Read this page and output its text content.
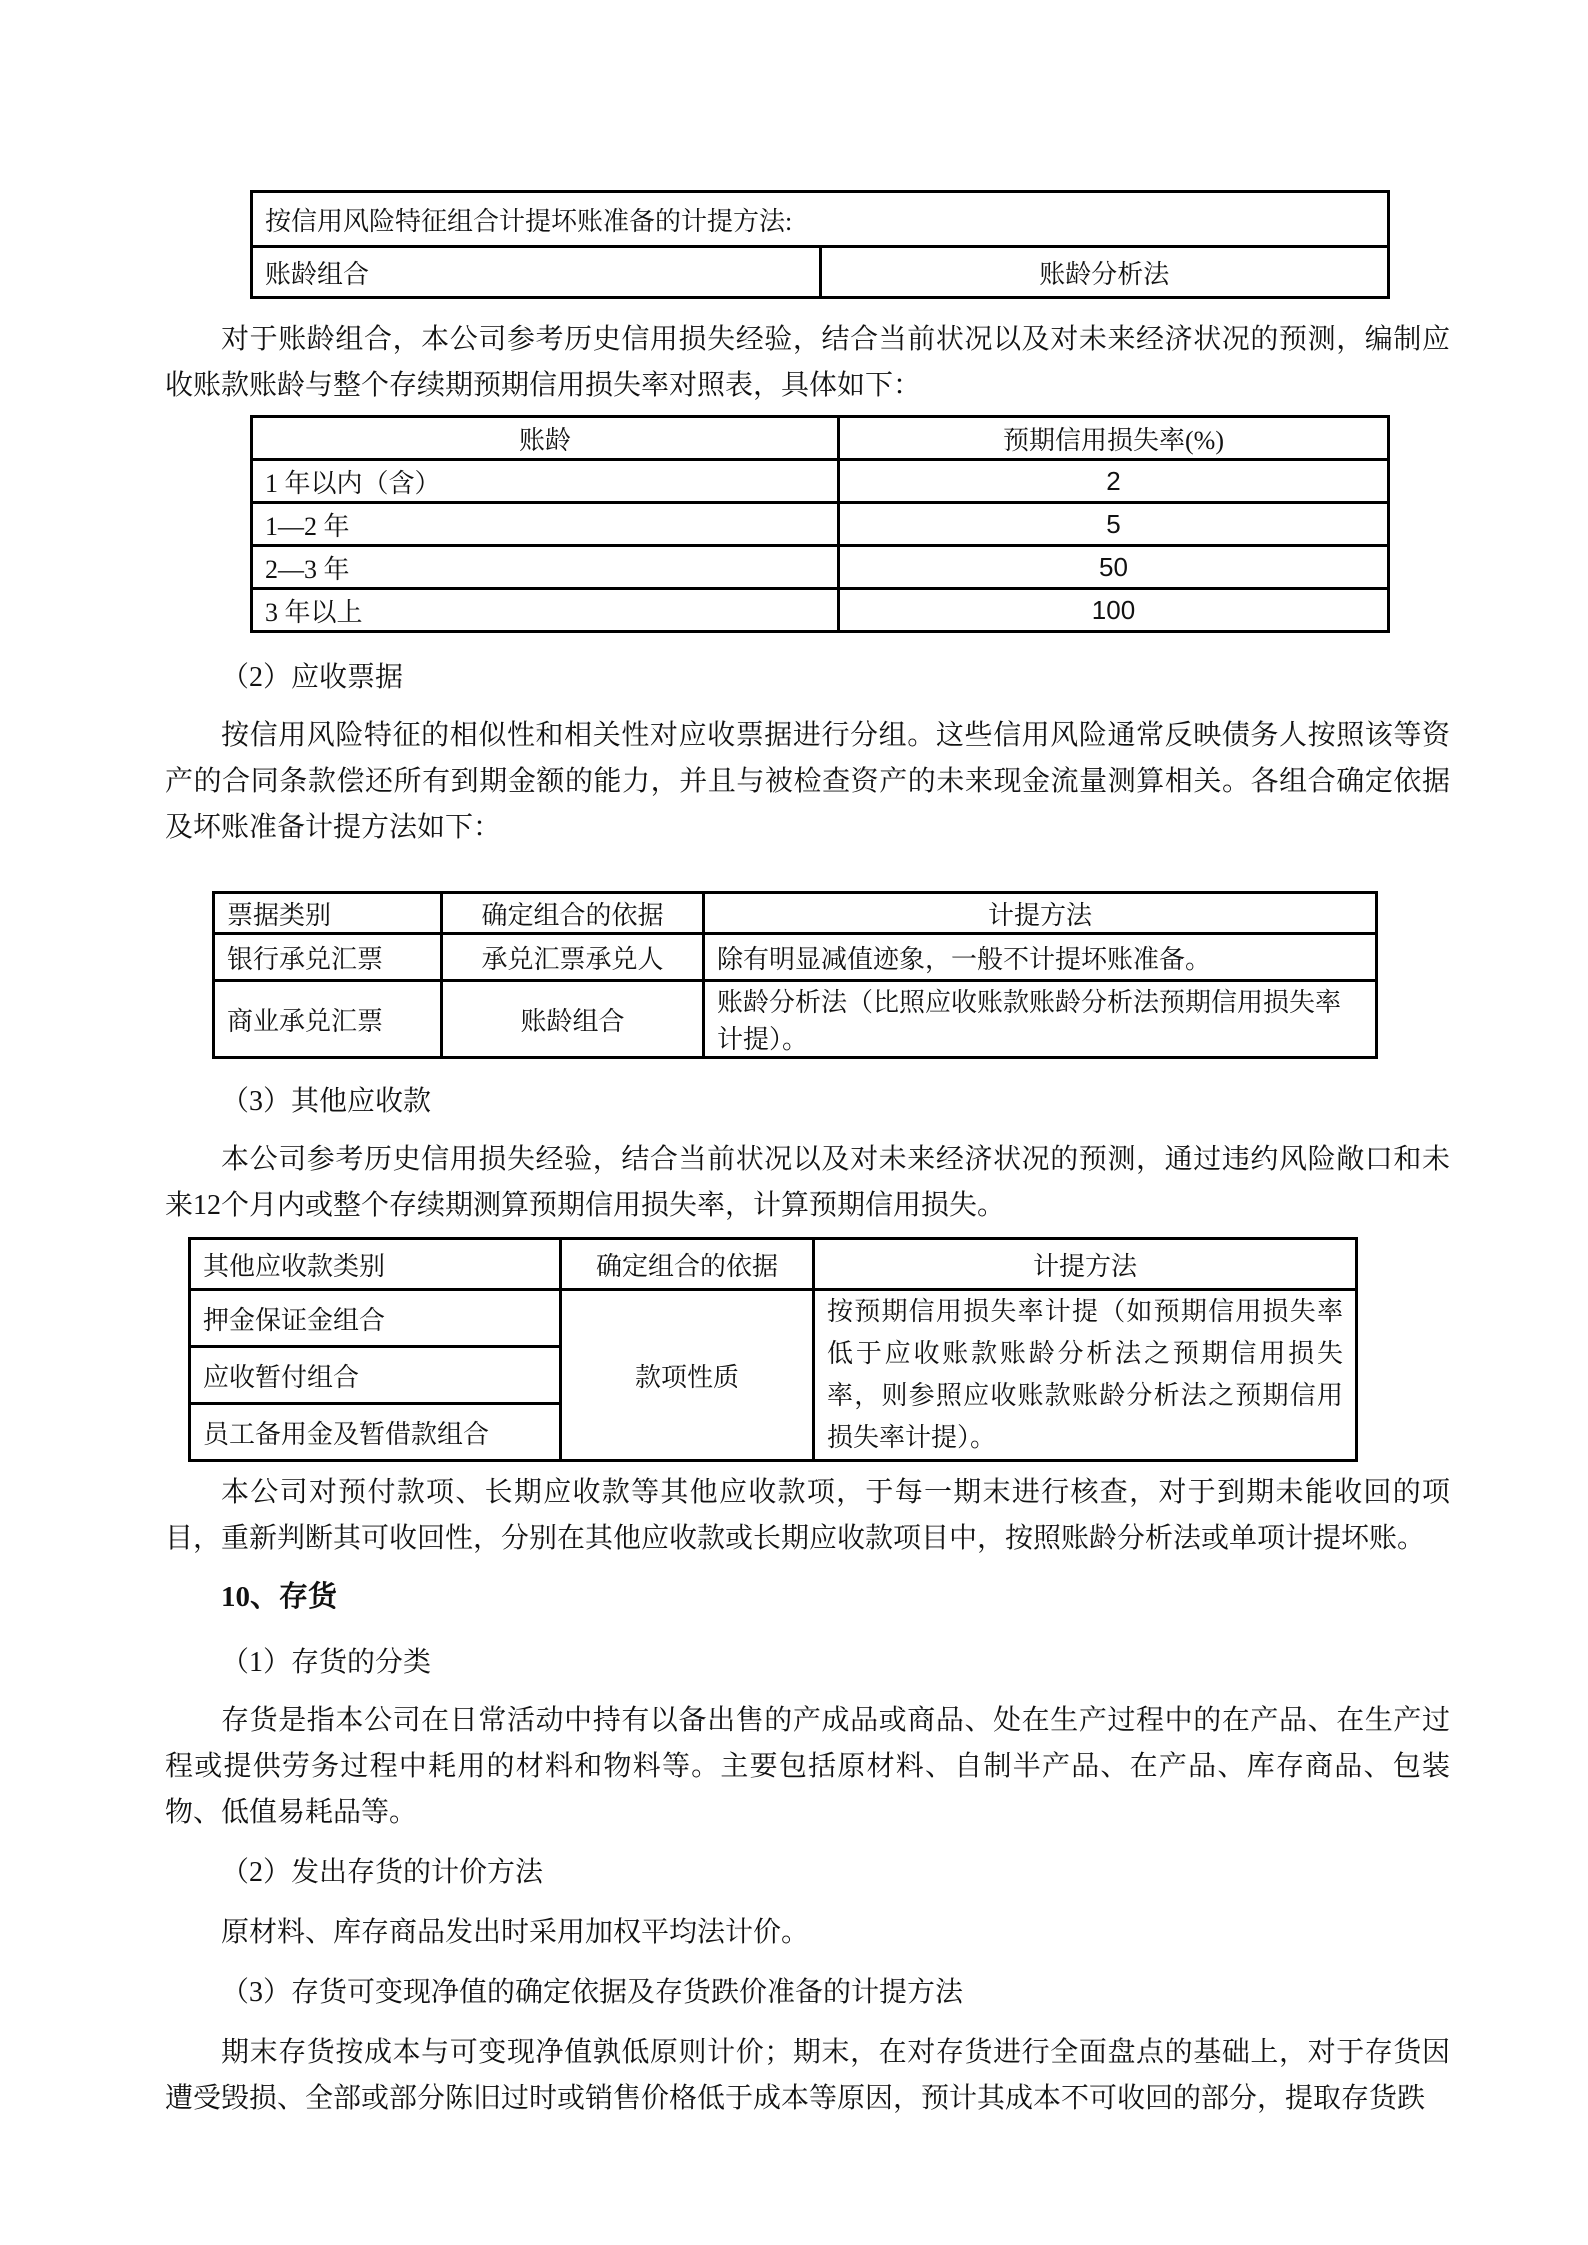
按信用风险特征组合计提坏账准备的计提方法:
账龄组合	账龄分析法

对于账龄组合，本公司参考历史信用损失经验，结合当前状况以及对未来经济状况的预测，编制应收账款账龄与整个存续期预期信用损失率对照表，具体如下：

账龄	预期信用损失率(%)
1 年以内（含）	2
1—2 年	5
2—3 年	50
3 年以上	100
（2）应收票据

按信用风险特征的相似性和相关性对应收票据进行分组。这些信用风险通常反映债务人按照该等资产的合同条款偿还所有到期金额的能力，并且与被检查资产的未来现金流量测算相关。各组合确定依据及坏账准备计提方法如下：

票据类别	确定组合的依据	计提方法
银行承兑汇票	承兑汇票承兑人	除有明显减值迹象，一般不计提坏账准备。
商业承兑汇票	账龄组合	账龄分析法（比照应收账款账龄分析法预期信用损失率计提）。
（3）其他应收款

本公司参考历史信用损失经验，结合当前状况以及对未来经济状况的预测，通过违约风险敞口和未来12个月内或整个存续期测算预期信用损失率，计算预期信用损失。

其他应收款类别	确定组合的依据	计提方法
押金保证金组合	款项性质	按预期信用损失率计提（如预期信用损失率低于应收账款账龄分析法之预期信用损失率，则参照应收账款账龄分析法之预期信用损失率计提）。
应收暂付组合		
员工备用金及暂借款组合		

本公司对预付款项、长期应收款等其他应收款项，于每一期末进行核查，对于到期未能收回的项目，重新判断其可收回性，分别在其他应收款或长期应收款项目中，按照账龄分析法或单项计提坏账。

10、存货
（1）存货的分类

存货是指本公司在日常活动中持有以备出售的产成品或商品、处在生产过程中的在产品、在生产过程或提供劳务过程中耗用的材料和物料等。主要包括原材料、自制半产品、在产品、库存商品、包装物、低值易耗品等。

（2）发出存货的计价方法

原材料、库存商品发出时采用加权平均法计价。

（3）存货可变现净值的确定依据及存货跌价准备的计提方法

期末存货按成本与可变现净值孰低原则计价；期末，在对存货进行全面盘点的基础上，对于存货因遭受毁损、全部或部分陈旧过时或销售价格低于成本等原因，预计其成本不可收回的部分，提取存货跌
